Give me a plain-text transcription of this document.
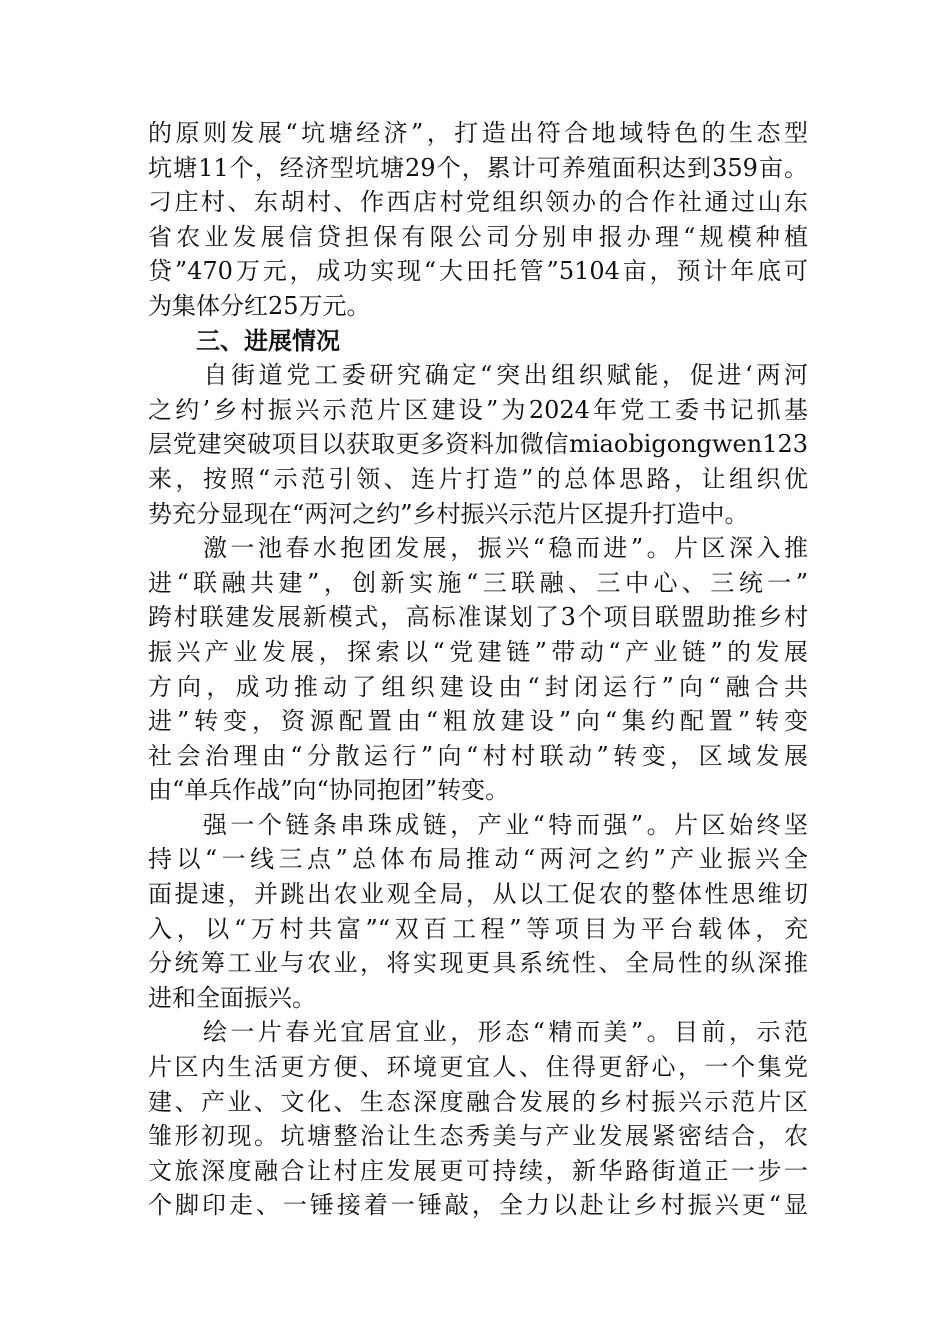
的原则发展“坑塘经济”，打造出符合地域特色的生态型
坑塘11个，经济型坑塘29个，累计可养殖面积达到359亩。
刁庄村、东胡村、作西店村党组织领办的合作社通过山东
省农业发展信贷担保有限公司分别申报办理“规模种植
贷”470万元，成功实现“大田托管”5104亩，预计年底可
为集体分红25万元。
三、进展情况
　　自街道党工委研究确定“突出组织赋能，促进‘两河
之约’乡村振兴示范片区建设”为2024年党工委书记抓基
层党建突破项目以获取更多资料加微信miaobigongwen123
来，按照“示范引领、连片打造”的总体思路，让组织优
势充分显现在“两河之约”乡村振兴示范片区提升打造中。
　　激一池春水抱团发展，振兴“稳而进”。片区深入推
进“联融共建”，创新实施“三联融、三中心、三统一”
跨村联建发展新模式，高标准谋划了3个项目联盟助推乡村
振兴产业发展，探索以“党建链”带动“产业链”的发展
方向，成功推动了组织建设由“封闭运行”向“融合共
进”转变，资源配置由“粗放建设”向“集约配置”转变
社会治理由“分散运行”向“村村联动”转变，区域发展
由“单兵作战”向“协同抱团”转变。
　　强一个链条串珠成链，产业“特而强”。片区始终坚
持以“一线三点”总体布局推动“两河之约”产业振兴全
面提速，并跳出农业观全局，从以工促农的整体性思维切
入，以“万村共富”“双百工程”等项目为平台载体，充
分统筹工业与农业，将实现更具系统性、全局性的纵深推
进和全面振兴。
　　绘一片春光宜居宜业，形态“精而美”。目前，示范
片区内生活更方便、环境更宜人、住得更舒心，一个集党
建、产业、文化、生态深度融合发展的乡村振兴示范片区
雏形初现。坑塘整治让生态秀美与产业发展紧密结合，农
文旅深度融合让村庄发展更可持续，新华路街道正一步一
个脚印走、一锤接着一锤敲，全力以赴让乡村振兴更“显
